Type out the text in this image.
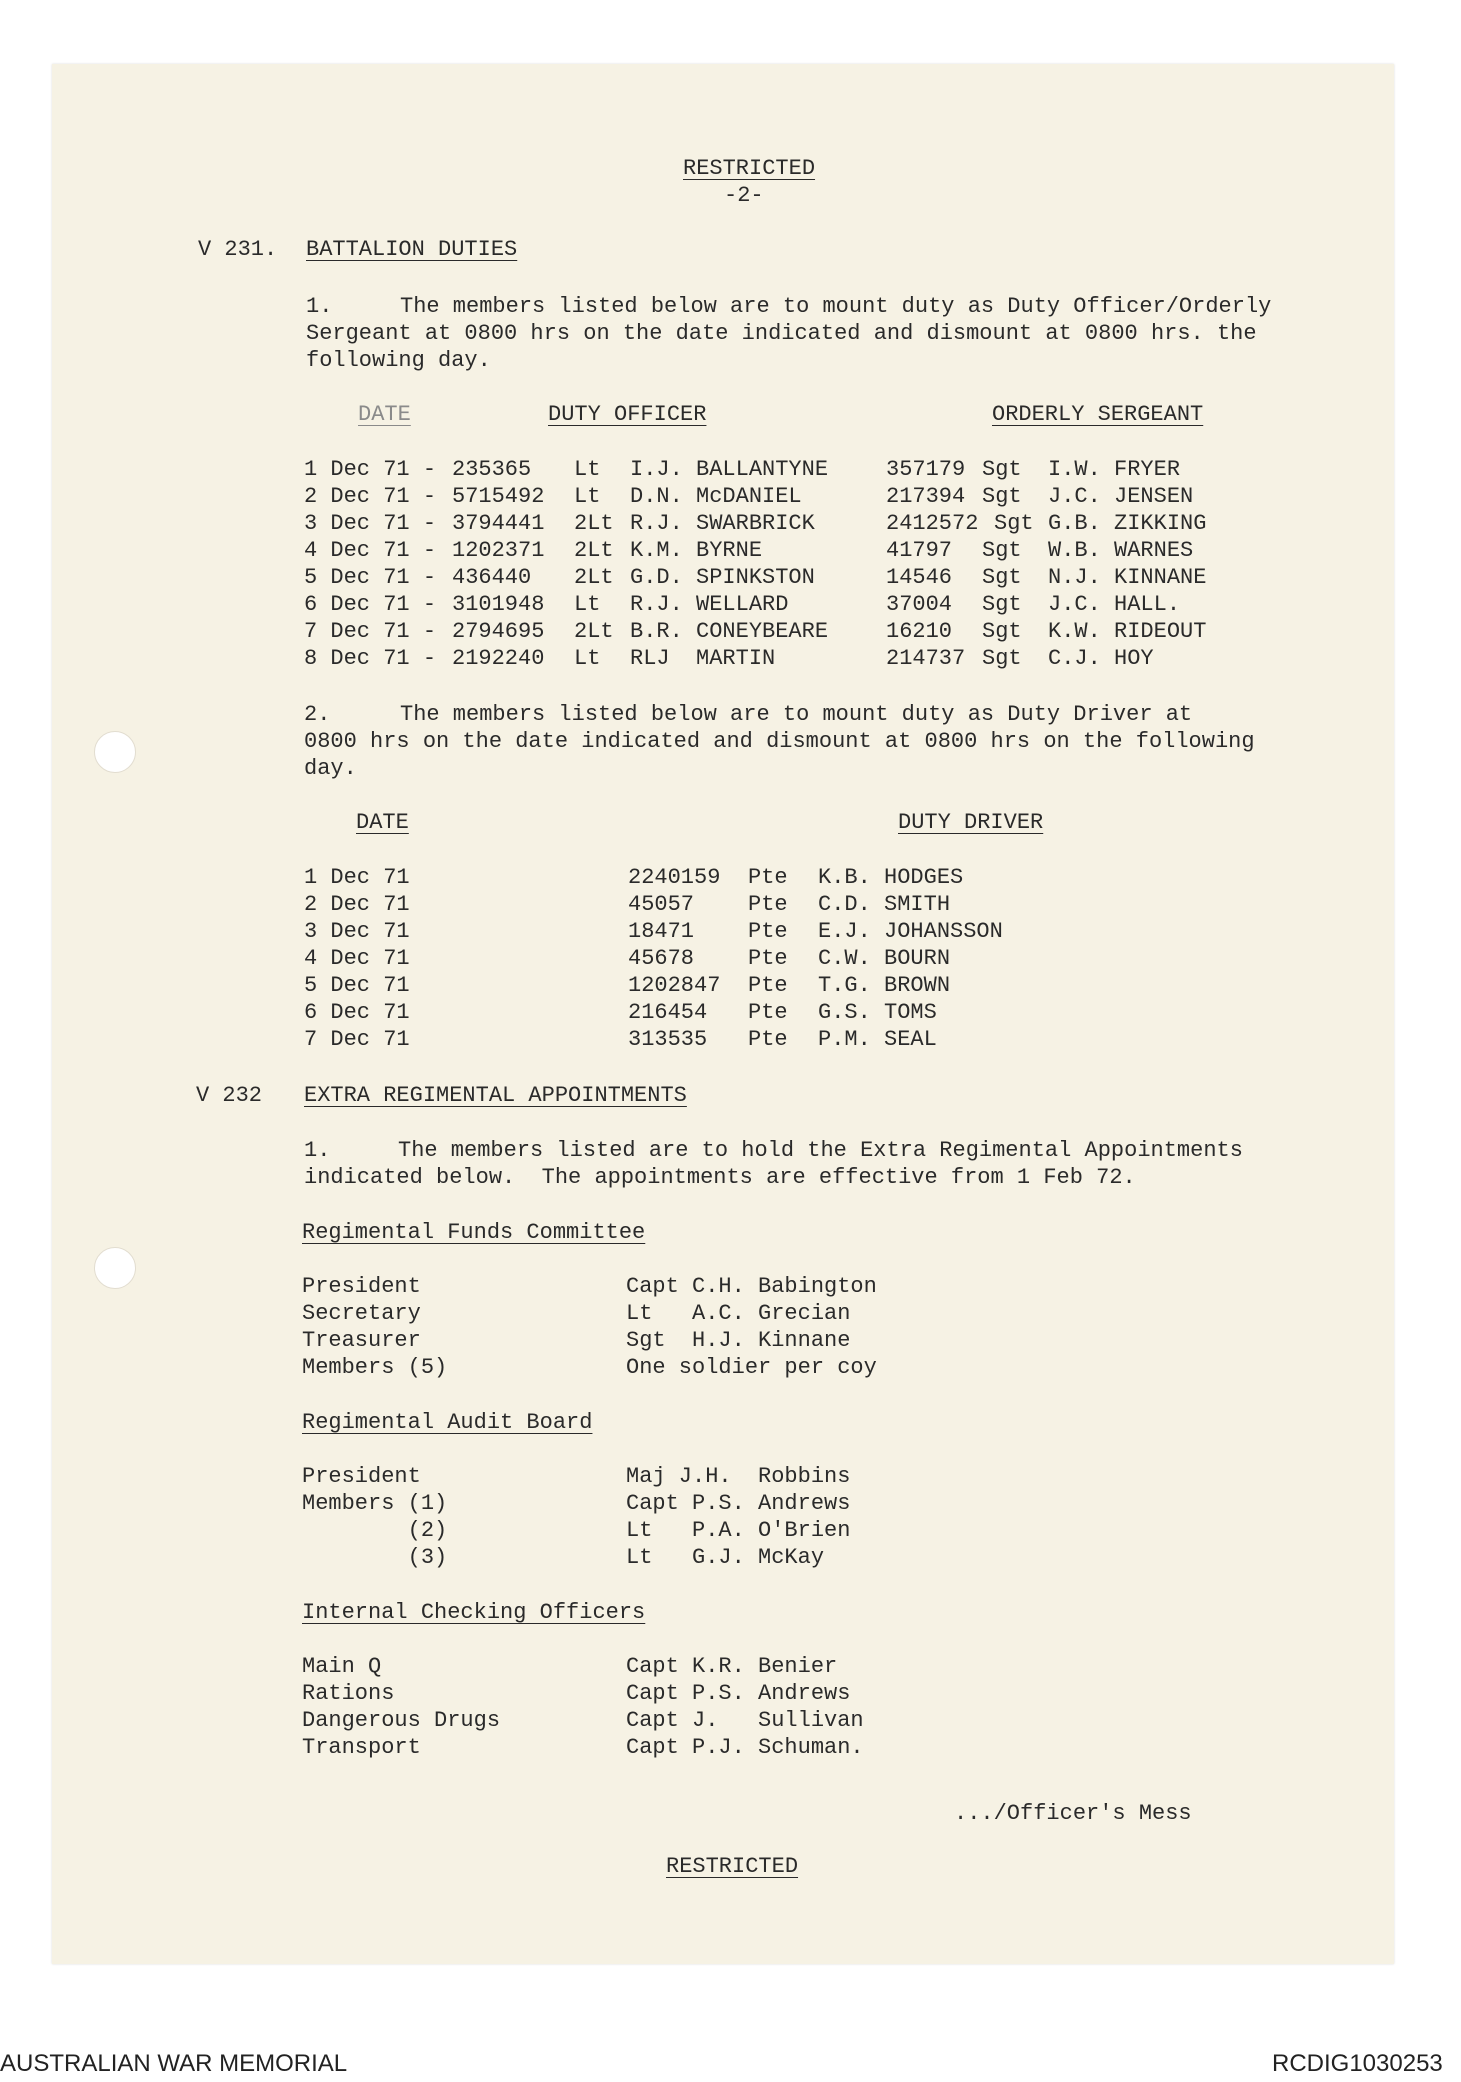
RESTRICTED
-2-
V 231. BATTALION DUTIES
1.	The members listed below are to mount duty as Duty Officer/Orderly
Sergeant at 0800 hrs on the date indicated and dismount at 0800 hrs. the
following day.
DATE	DUTY OFFICER	ORDERLY SERGEANT
1 Dec 71 - 235365 Lt I.J. BALLANTYNE	357179 Sgt I.W. FRYER
2 Dec 71 - 5715492 Lt D.N. McDANIEL	217394 Sgt J.C. JENSEN
3 Dec 71 - 3794441 2Lt R.J. SWARBRICK	2412572 Sgt G.B. ZIKKING
4 Dec 71 - 1202371 2Lt K.M. BYRNE	41797 Sgt W.B. WARNES
5 Dec 71 - 436440 2Lt G.D. SPINKSTON	14546 Sgt N.J. KINNANE
6 Dec 71 - 3101948 Lt R.J. WELLARD	37004 Sgt J.C. HALL.
7 Dec 71 - 2794695 2Lt B.R. CONEYBEARE	16210 Sgt K.W. RIDEOUT
8 Dec 71 - 2192240 Lt RLJ  MARTIN	214737 Sgt C.J. HOY
2.	The members listed below are to mount duty as Duty Driver at
0800 hrs on the date indicated and dismount at 0800 hrs on the following
day.
DATE	DUTY DRIVER
1 Dec 71	2240159 Pte K.B. HODGES
2 Dec 71	45057 Pte C.D. SMITH
3 Dec 71	18471 Pte E.J. JOHANSSON
4 Dec 71	45678 Pte C.W. BOURN
5 Dec 71	1202847 Pte T.G. BROWN
6 Dec 71	216454 Pte G.S. TOMS
7 Dec 71	313535 Pte P.M. SEAL
V 232 EXTRA REGIMENTAL APPOINTMENTS
1.	The members listed are to hold the Extra Regimental Appointments
indicated below.  The appointments are effective from 1 Feb 72.
Regimental Funds Committee
President	Capt C.H. Babington
Secretary	Lt   A.C. Grecian
Treasurer	Sgt  H.J. Kinnane
Members (5)	One soldier per coy
Regimental Audit Board
President	Maj J.H.  Robbins
Members (1)	Capt P.S. Andrews
(2)	Lt   P.A. O'Brien
(3)	Lt   G.J. McKay
Internal Checking Officers
Main Q	Capt K.R. Benier
Rations	Capt P.S. Andrews
Dangerous Drugs	Capt J.   Sullivan
Transport	Capt P.J. Schuman.
.../Officer's Mess
RESTRICTED
AUSTRALIAN WAR MEMORIAL	RCDIG1030253
